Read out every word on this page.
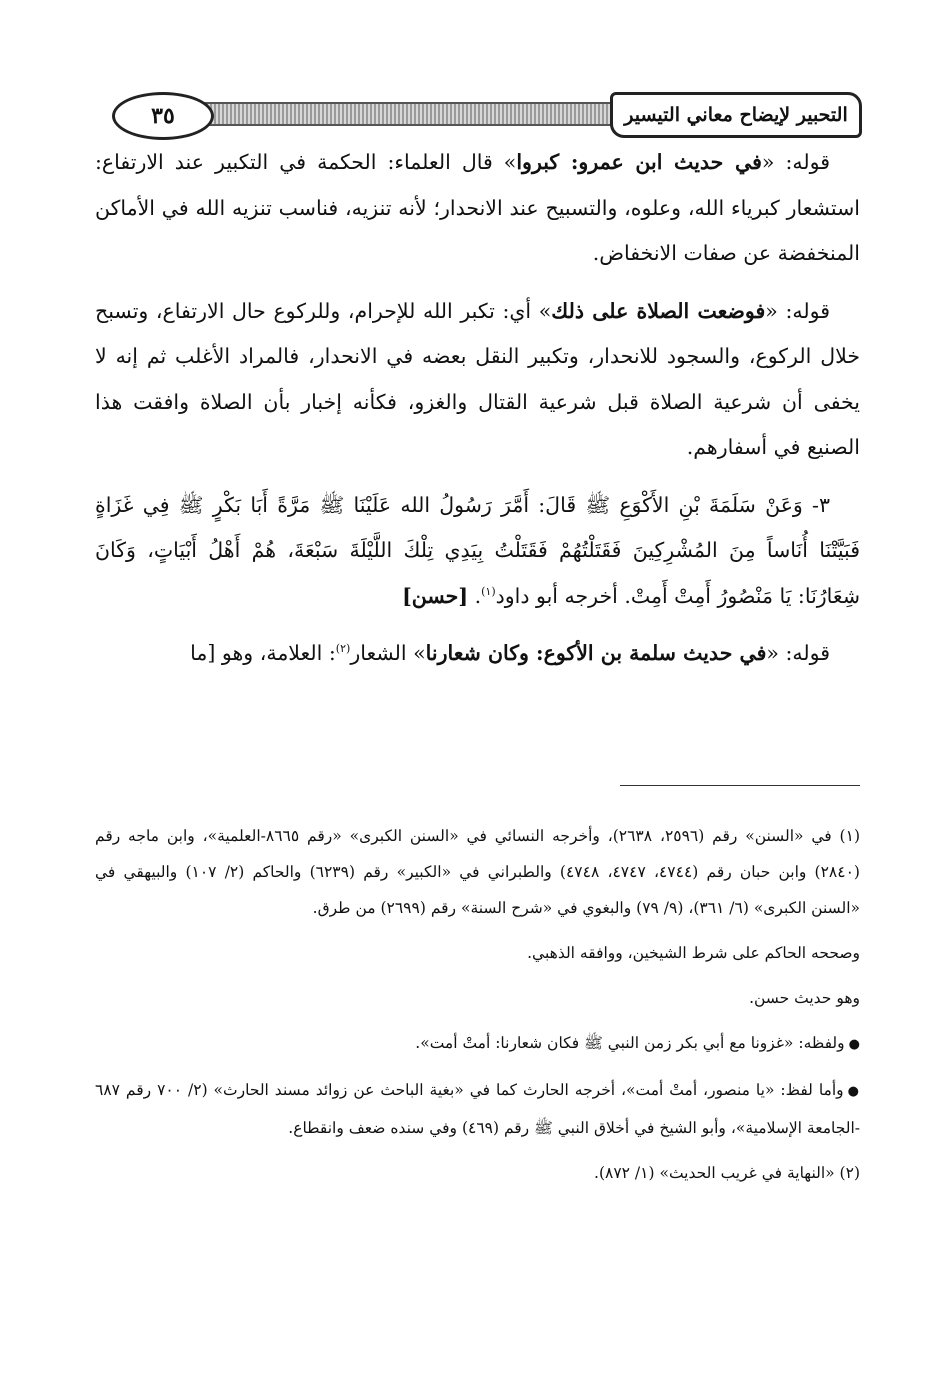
٣٥	التحبير لإيضاح معاني التيسير

قوله: «في حديث ابن عمرو: كبروا» قال العلماء: الحكمة في التكبير عند الارتفاع: استشعار كبرياء الله، وعلوه، والتسبيح عند الانحدار؛ لأنه تنزيه، فناسب تنزيه الله في الأماكن المنخفضة عن صفات الانخفاض.

قوله: «فوضعت الصلاة على ذلك» أي: تكبر الله للإحرام، وللركوع حال الارتفاع، وتسبح خلال الركوع، والسجود للانحدار، وتكبير النقل بعضه في الانحدار، فالمراد الأغلب ثم إنه لا يخفى أن شرعية الصلاة قبل شرعية القتال والغزو، فكأنه إخبار بأن الصلاة وافقت هذا الصنيع في أسفارهم.

٣- وَعَنْ سَلَمَةَ بْنِ الأَكْوَعِ ﷺ قَالَ: أَمَّرَ رَسُولُ الله عَلَيْنَا ﷺ مَرَّةً أَبَا بَكْرٍ ﷺ فِي غَزَاةٍ فَبَيَّتْنَا أُنَاساً مِنَ المُشْرِكِينَ فَقَتَلْتُهُمْ فَقَتَلْتُ بِيَدِي تِلْكَ اللَّيْلَةَ سَبْعَةَ، هُمْ أَهْلُ أَبْيَاتٍ، وَكَانَ شِعَارُنَا: يَا مَنْصُورُ أَمِتْ أَمِتْ. أخرجه أبو داود$^{(١)}$. [حسن]

قوله: «في حديث سلمة بن الأكوع: وكان شعارنا» الشعار$^{(٢)}$: العلامة، وهو [ما

(١) في «السنن» رقم (٢٥٩٦، ٢٦٣٨)، وأخرجه النسائي في «السنن الكبرى» «رقم ٨٦٦٥-العلمية»، وابن ماجه رقم (٢٨٤٠) وابن حبان رقم (٤٧٤٤، ٤٧٤٧، ٤٧٤٨) والطبراني في «الكبير» رقم (٦٢٣٩) والحاكم (٢/ ١٠٧) والبيهقي في «السنن الكبرى» (٦/ ٣٦١)، (٩/ ٧٩) والبغوي في «شرح السنة» رقم (٢٦٩٩) من طرق.

وصححه الحاكم على شرط الشيخين، ووافقه الذهبي.

وهو حديث حسن.

●ولفظه: «غزونا مع أبي بكر زمن النبي ﷺ فكان شعارنا: أمتْ أمت».

●وأما لفظ: «يا منصور، أمتْ أمت»، أخرجه الحارث كما في «بغية الباحث عن زوائد مسند الحارث» (٢/ ٧٠٠ رقم ٦٨٧ -الجامعة الإسلامية»، وأبو الشيخ في أخلاق النبي ﷺ رقم (٤٦٩) وفي سنده ضعف وانقطاع.

(٢) «النهاية في غريب الحديث» (١/ ٨٧٢).
